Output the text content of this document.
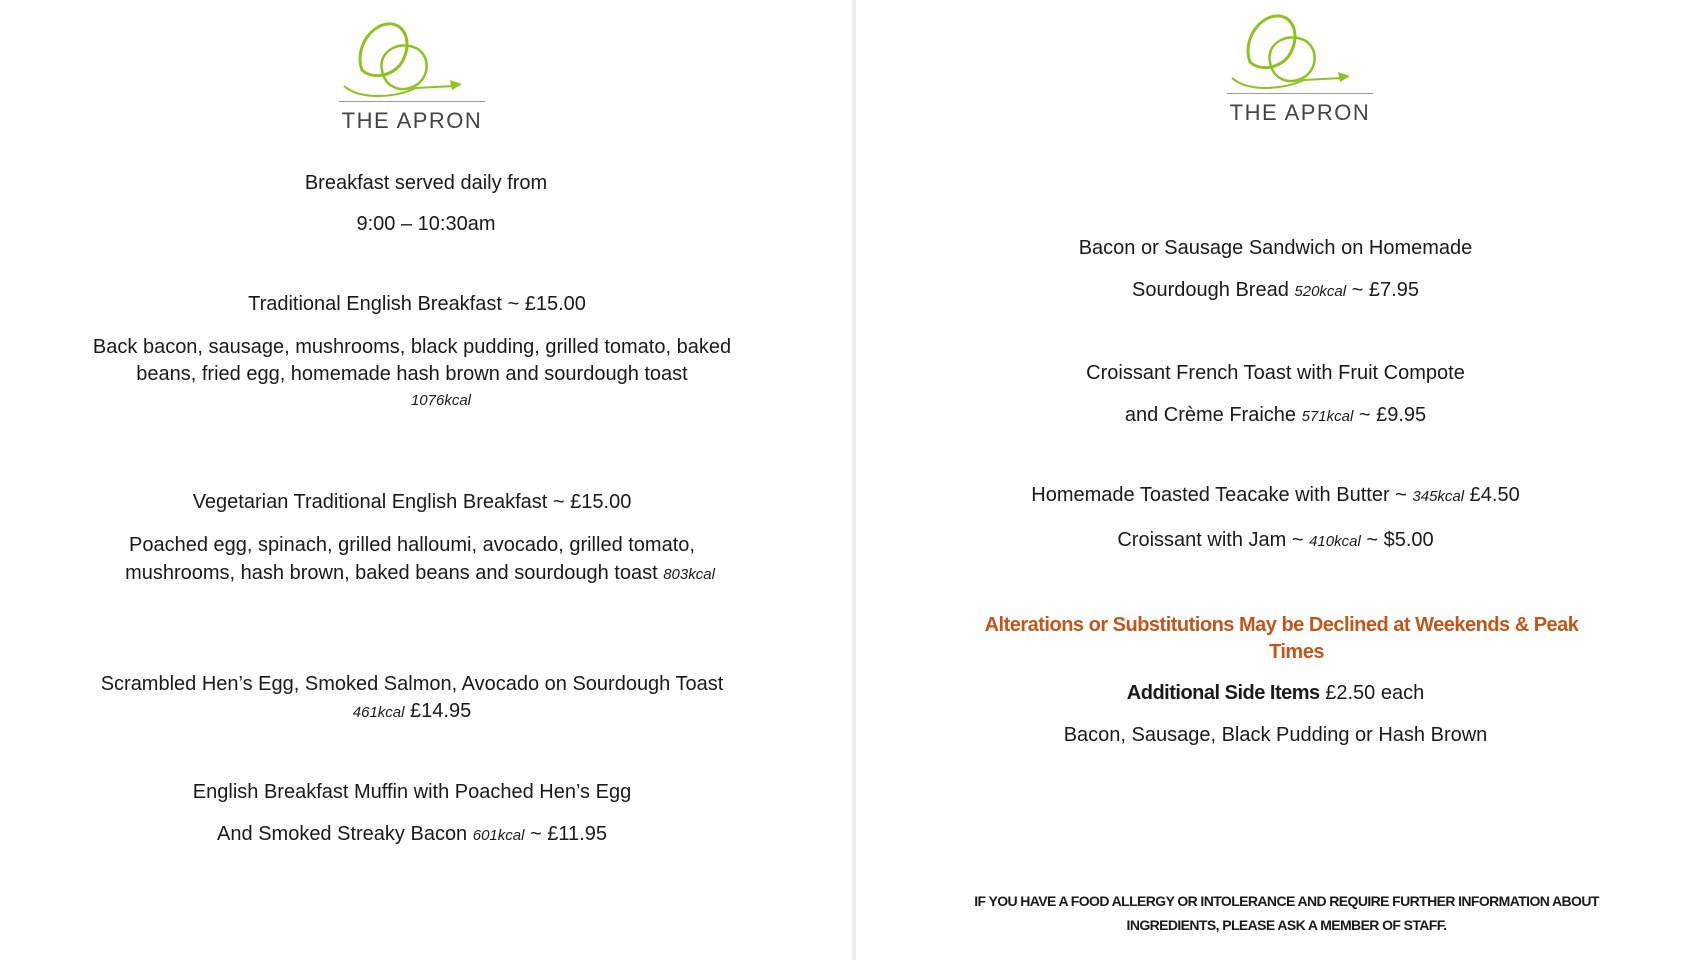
THE APRON
Breakfast served daily from
9:00 – 10:30am
Traditional English Breakfast ~ £15.00
Back bacon, sausage, mushrooms, black pudding, grilled tomato, baked
beans, fried egg, homemade hash brown and sourdough toast
1076kcal
Vegetarian Traditional English Breakfast ~ £15.00
Poached egg, spinach, grilled halloumi, avocado, grilled tomato,
mushrooms, hash brown, baked beans and sourdough toast 803kcal
Scrambled Hen’s Egg, Smoked Salmon, Avocado on Sourdough Toast
461kcal £14.95
English Breakfast Muffin with Poached Hen’s Egg
And Smoked Streaky Bacon 601kcal ~ £11.95
THE APRON
Bacon or Sausage Sandwich on Homemade
Sourdough Bread 520kcal ~ £7.95
Croissant French Toast with Fruit Compote
and Crème Fraiche 571kcal ~ £9.95
Homemade Toasted Teacake with Butter ~ 345kcal £4.50
Croissant with Jam ~ 410kcal ~ $5.00
Alterations or Substitutions May be Declined at Weekends & Peak
Times
Additional Side Items £2.50 each
Bacon, Sausage, Black Pudding or Hash Brown
IF YOU HAVE A FOOD ALLERGY OR INTOLERANCE AND REQUIRE FURTHER INFORMATION ABOUT
INGREDIENTS, PLEASE ASK A MEMBER OF STAFF.
